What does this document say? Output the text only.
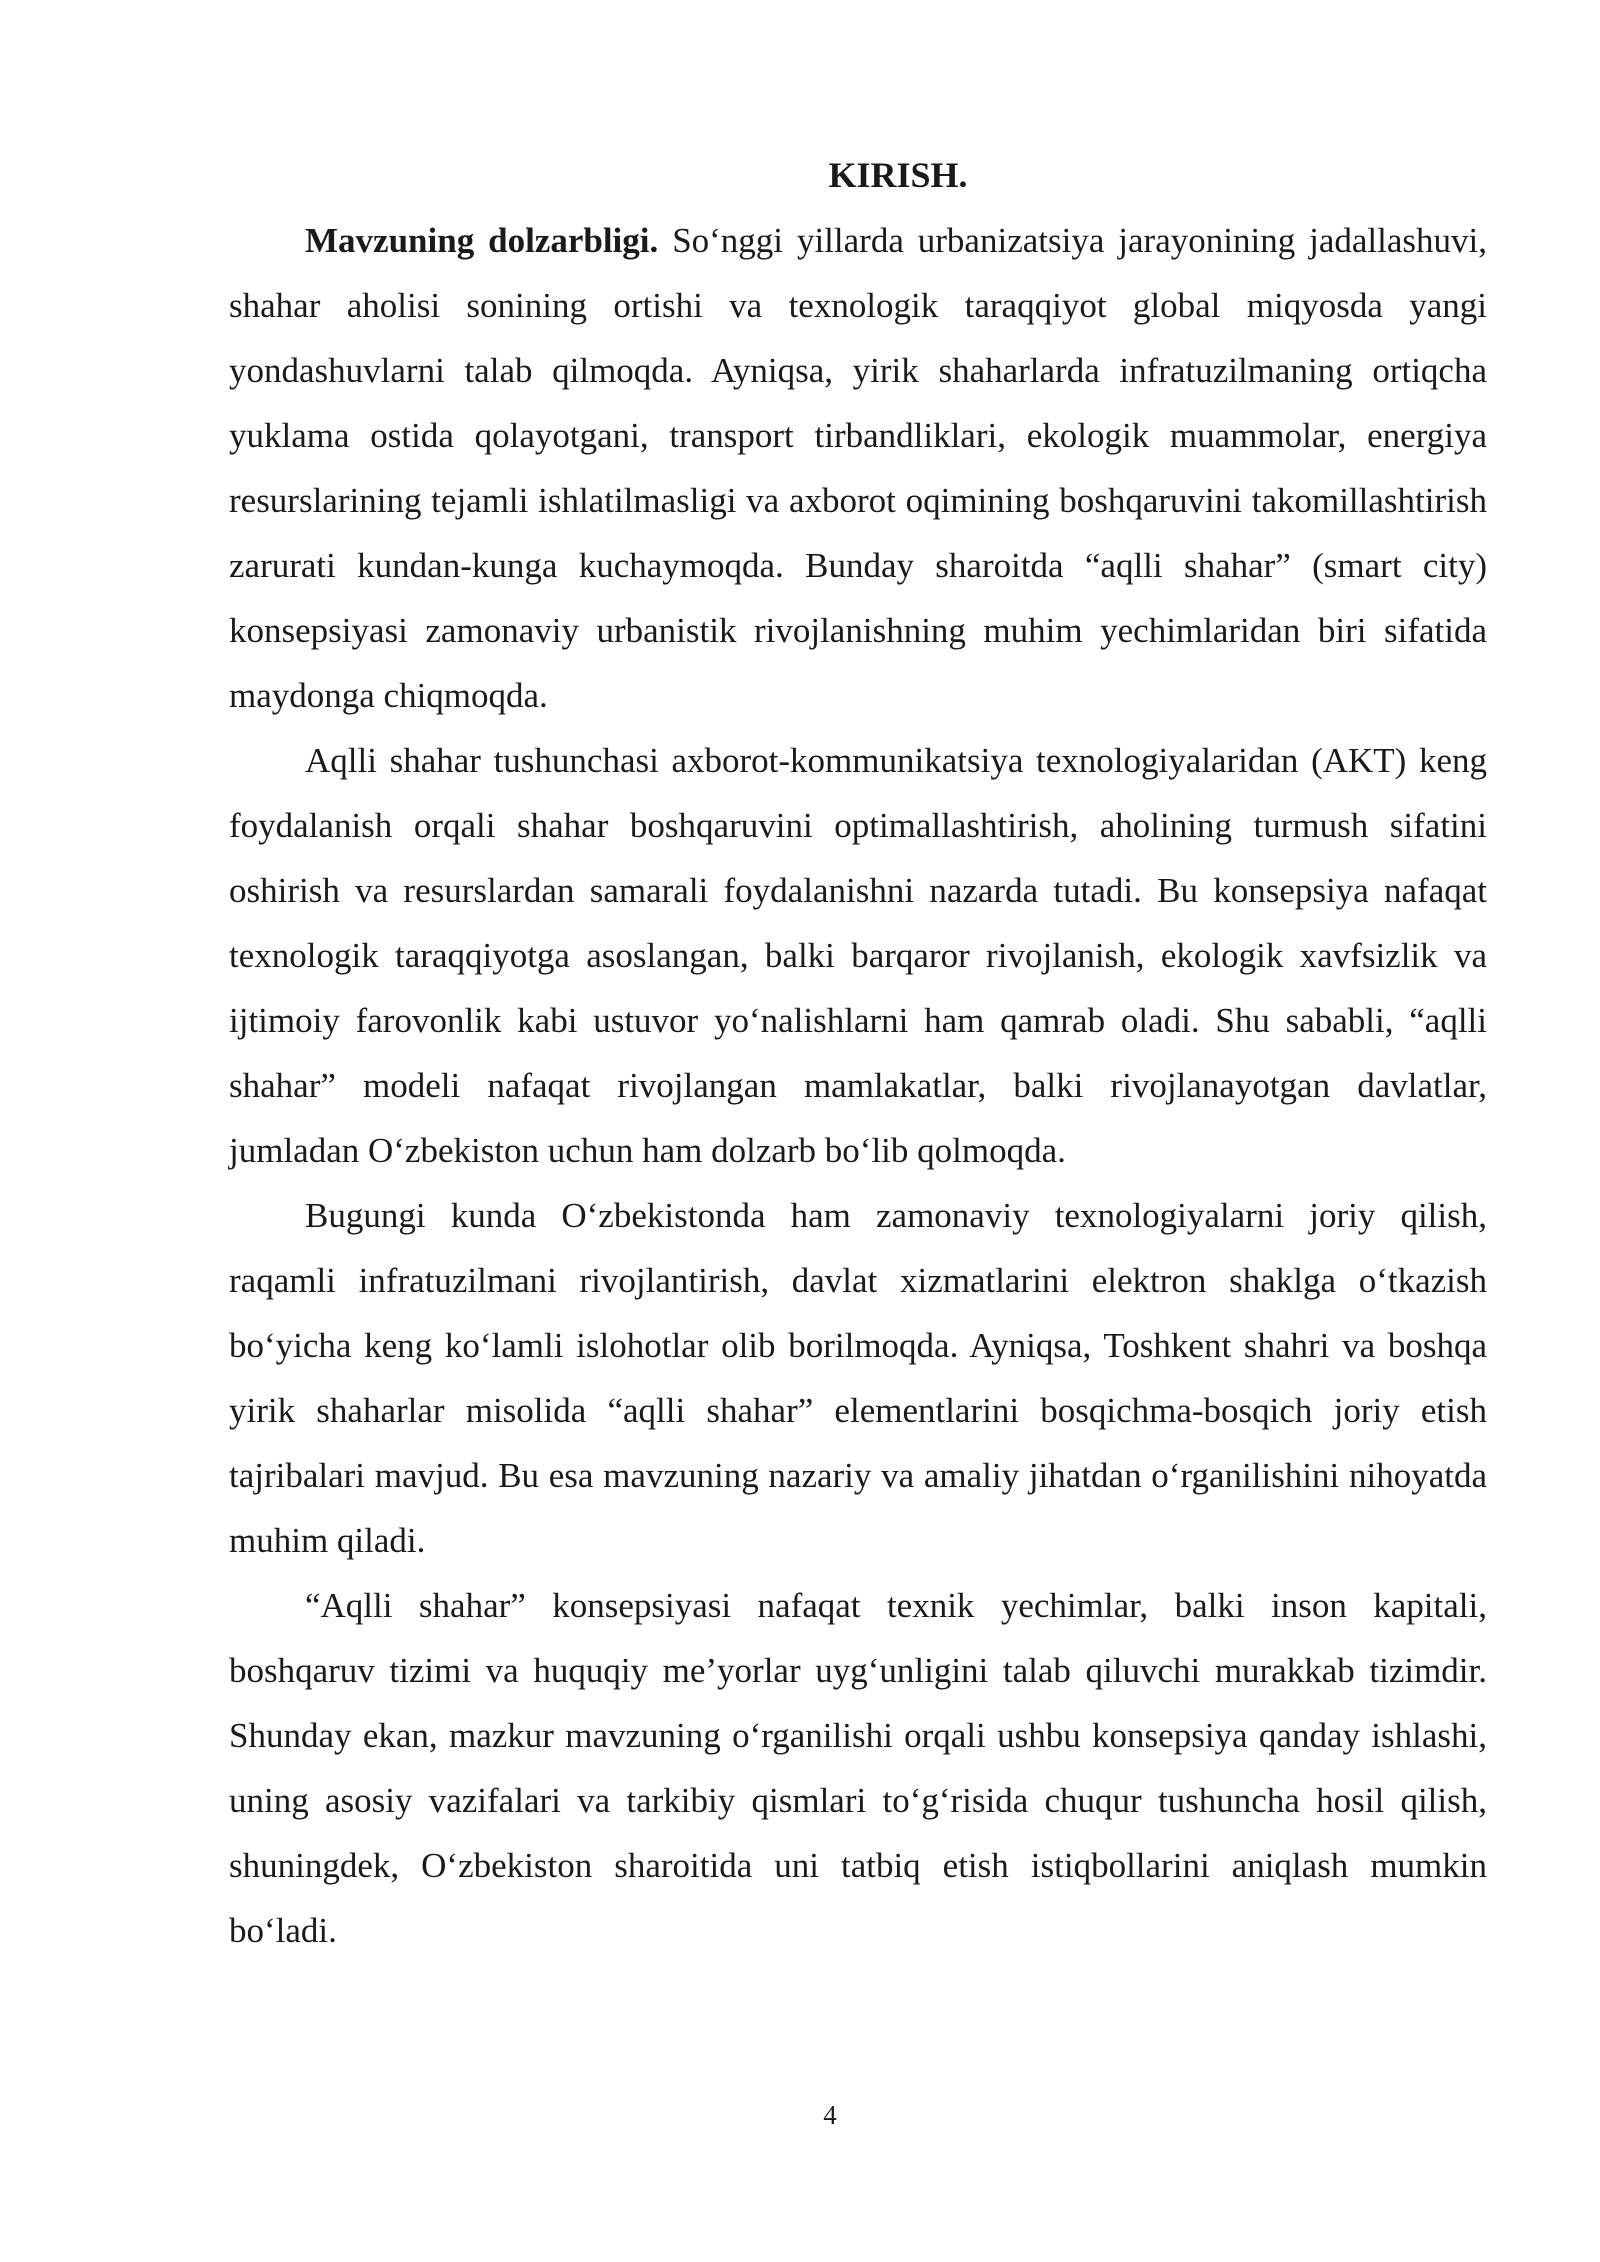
KIRISH.

Mavzuning dolzarbligi. So‘nggi yillarda urbanizatsiya jarayonining jadallashuvi, shahar aholisi sonining ortishi va texnologik taraqqiyot global miqyosda yangi yondashuvlarni talab qilmoqda. Ayniqsa, yirik shaharlarda infratuzilmaning ortiqcha yuklama ostida qolayotgani, transport tirbandliklari, ekologik muammolar, energiya resurslarining tejamli ishlatilmasligi va axborot oqimining boshqaruvini takomillashtirish zarurati kundan-kunga kuchaymoqda. Bunday sharoitda “aqlli shahar” (smart city) konsepsiyasi zamonaviy urbanistik rivojlanishning muhim yechimlaridan biri sifatida maydonga chiqmoqda.

Aqlli shahar tushunchasi axborot-kommunikatsiya texnologiyalaridan (AKT) keng foydalanish orqali shahar boshqaruvini optimallashtirish, aholining turmush sifatini oshirish va resurslardan samarali foydalanishni nazarda tutadi. Bu konsepsiya nafaqat texnologik taraqqiyotga asoslangan, balki barqaror rivojlanish, ekologik xavfsizlik va ijtimoiy farovonlik kabi ustuvor yo‘nalishlarni ham qamrab oladi. Shu sababli, “aqlli shahar” modeli nafaqat rivojlangan mamlakatlar, balki rivojlanayotgan davlatlar, jumladan O‘zbekiston uchun ham dolzarb bo‘lib qolmoqda.

Bugungi kunda O‘zbekistonda ham zamonaviy texnologiyalarni joriy qilish, raqamli infratuzilmani rivojlantirish, davlat xizmatlarini elektron shaklga o‘tkazish bo‘yicha keng ko‘lamli islohotlar olib borilmoqda. Ayniqsa, Toshkent shahri va boshqa yirik shaharlar misolida “aqlli shahar” elementlarini bosqichma-bosqich joriy etish tajribalari mavjud. Bu esa mavzuning nazariy va amaliy jihatdan o‘rganilishini nihoyatda muhim qiladi.

“Aqlli shahar” konsepsiyasi nafaqat texnik yechimlar, balki inson kapitali, boshqaruv tizimi va huquqiy me’yorlar uyg‘unligini talab qiluvchi murakkab tizimdir. Shunday ekan, mazkur mavzuning o‘rganilishi orqali ushbu konsepsiya qanday ishlashi, uning asosiy vazifalari va tarkibiy qismlari to‘g‘risida chuqur tushuncha hosil qilish, shuningdek, O‘zbekiston sharoitida uni tatbiq etish istiqbollarini aniqlash mumkin bo‘ladi.

4
